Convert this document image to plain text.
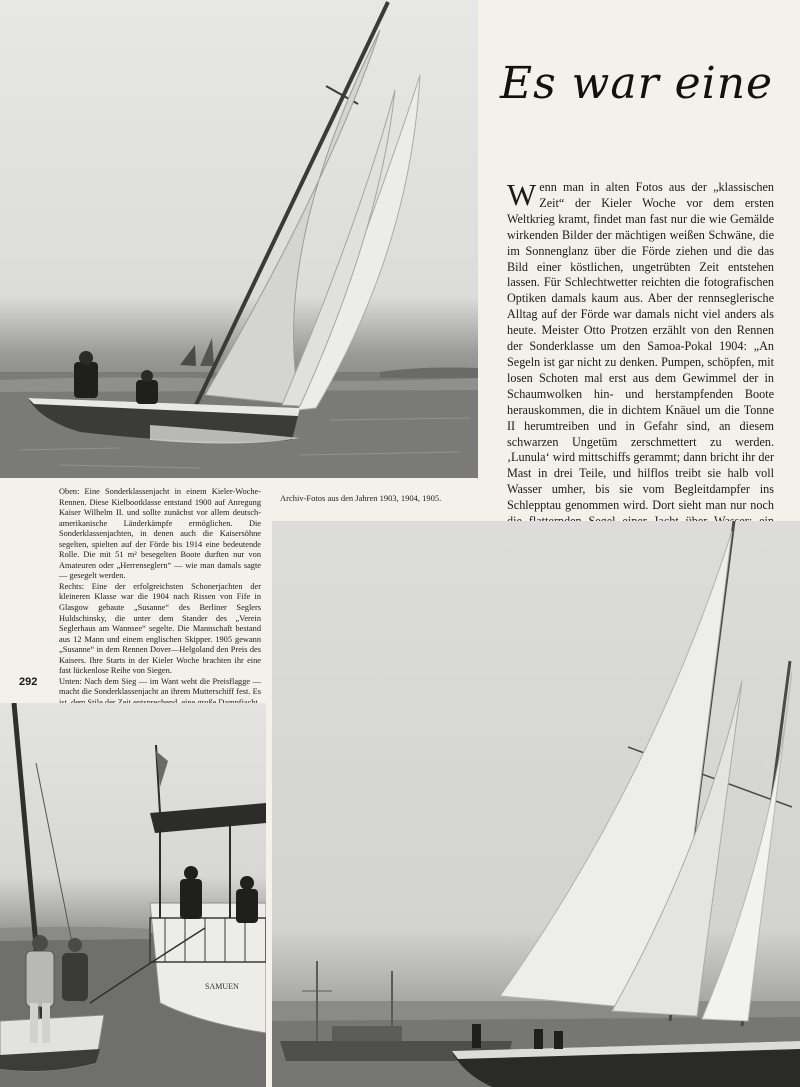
Es war eine
Wenn man in alten Fotos aus der „klassischen Zeit“ der Kieler Woche vor dem ersten Weltkrieg kramt, findet man fast nur die wie Gemälde wirkenden Bilder der mächtigen weißen Schwäne, die im Sonnenglanz über die Förde ziehen und die das Bild einer köstlichen, ungetrübten Zeit entstehen lassen. Für Schlechtwetter reichten die fotografischen Optiken damals kaum aus. Aber der rennseglerische Alltag auf der Förde war damals nicht viel anders als heute. Meister Otto Protzen erzählt von den Rennen der Sonderklasse um den Samoa-Pokal 1904: „An Segeln ist gar nicht zu denken. Pumpen, schöpfen, mit losen Schoten mal erst aus dem Gewimmel der in Schaumwolken hin- und herstampfenden Boote herauskommen, die in dichtem Knäuel um die Tonne II herumtreiben und in Gefahr sind, an diesem schwarzen Ungetüm zerschmettert zu werden. ‚Lunula‘ wird mittschiffs gerammt; dann bricht ihr der Mast in drei Teile, und hilflos treibt sie halb voll Wasser umher, bis sie vom Begleitdampfer ins Schlepptau genommen wird. Dort sieht man nur noch
Archiv-Fotos aus den Jahren 1903, 1904, 1905.

Oben: Eine Sonderklassenjacht in einem Kieler-Woche-Rennen. Diese Kielbootklasse entstand 1900 auf Anregung Kaiser Wilhelm II. und sollte zunächst vor allem deutsch-amerikanische Länderkämpfe ermöglichen. Die Sonderklassenjachten, in denen auch die Kaisersöhne segelten, spielten auf der Förde bis 1914 eine bedeutende Rolle. Die mit 51 m² besegelten Boote durften nur von Amateuren oder „Herrenseglern“ — wie man damals sagte — gesegelt werden.

Rechts: Eine der erfolgreichsten Schonerjachten der kleineren Klasse war die 1904 nach Rissen von Fife in Glasgow gebaute „Susanne“ des Berliner Seglers Huldschinsky, die unter dem Stander des „Verein Seglerhaus am Wannsee“ segelte. Die Mannschaft bestand aus 12 Mann und einem englischen Skipper. 1905 gewann „Susanne“ in dem Rennen Dover—Helgoland den Preis des Kaisers. Ihre Starts in der Kieler Woche brachten ihr eine fast lückenlose Reihe von Siegen.

Unten: Nach dem Sieg — im Want weht die Preisflagge — macht die Sonderklassenjacht an ihrem Mutterschiff fest. Es

292
SAMUEN
